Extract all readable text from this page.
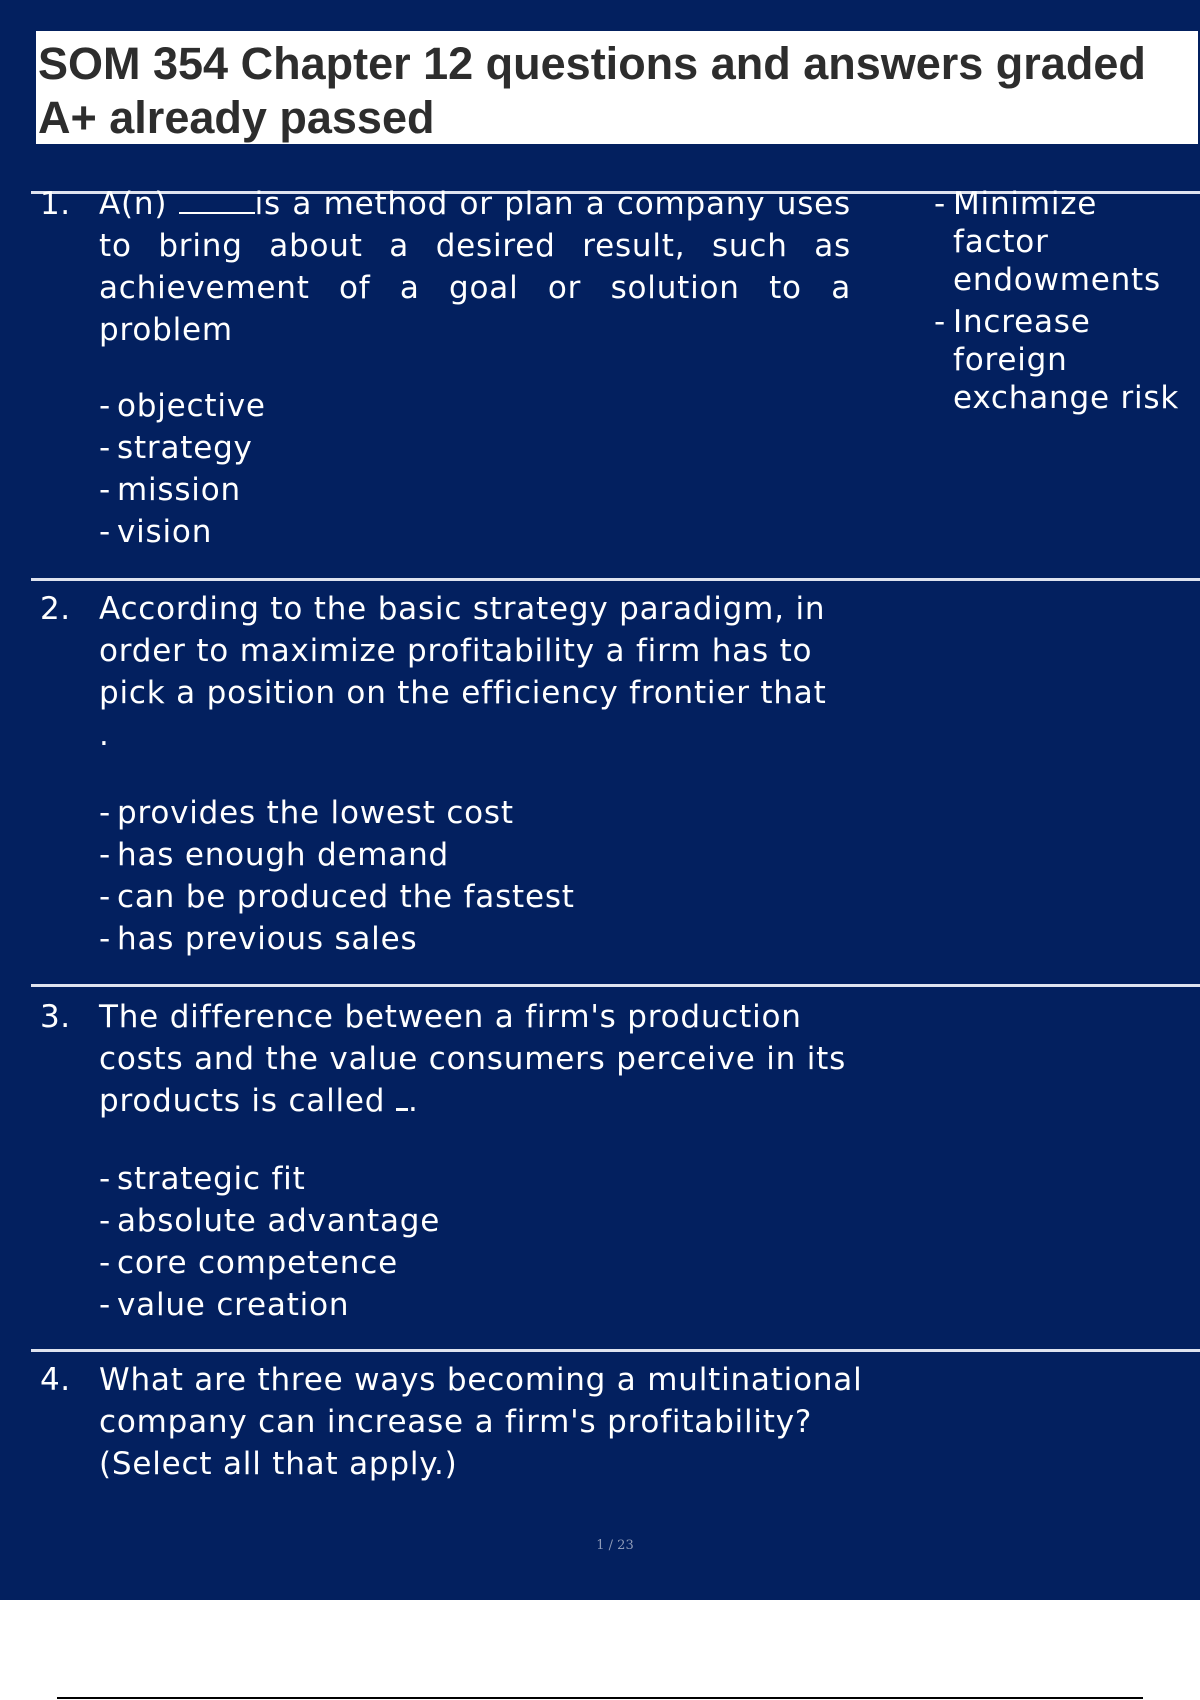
SOM 354 Chapter 12 questions and answers graded A+ already passed
1. A(n)	is a method or plan a company uses to bring about a desired result, such as achievement of a goal or solution to a problem

- objective
- strategy
- mission
- vision
- Minimize factor endowments
- Increase foreign exchange risk
2. According to the basic strategy paradigm, in order to maximize profitability a firm has to pick a position on the efficiency frontier that
.

- provides the lowest cost
- has enough demand
- can be produced the fastest
- has previous sales
3. The difference between a firm's production costs and the value consumers perceive in its products is called .

- strategic fit
- absolute advantage
- core competence
- value creation
4. What are three ways becoming a multinational company can increase a firm's profitability? (Select all that apply.)

1 / 23
